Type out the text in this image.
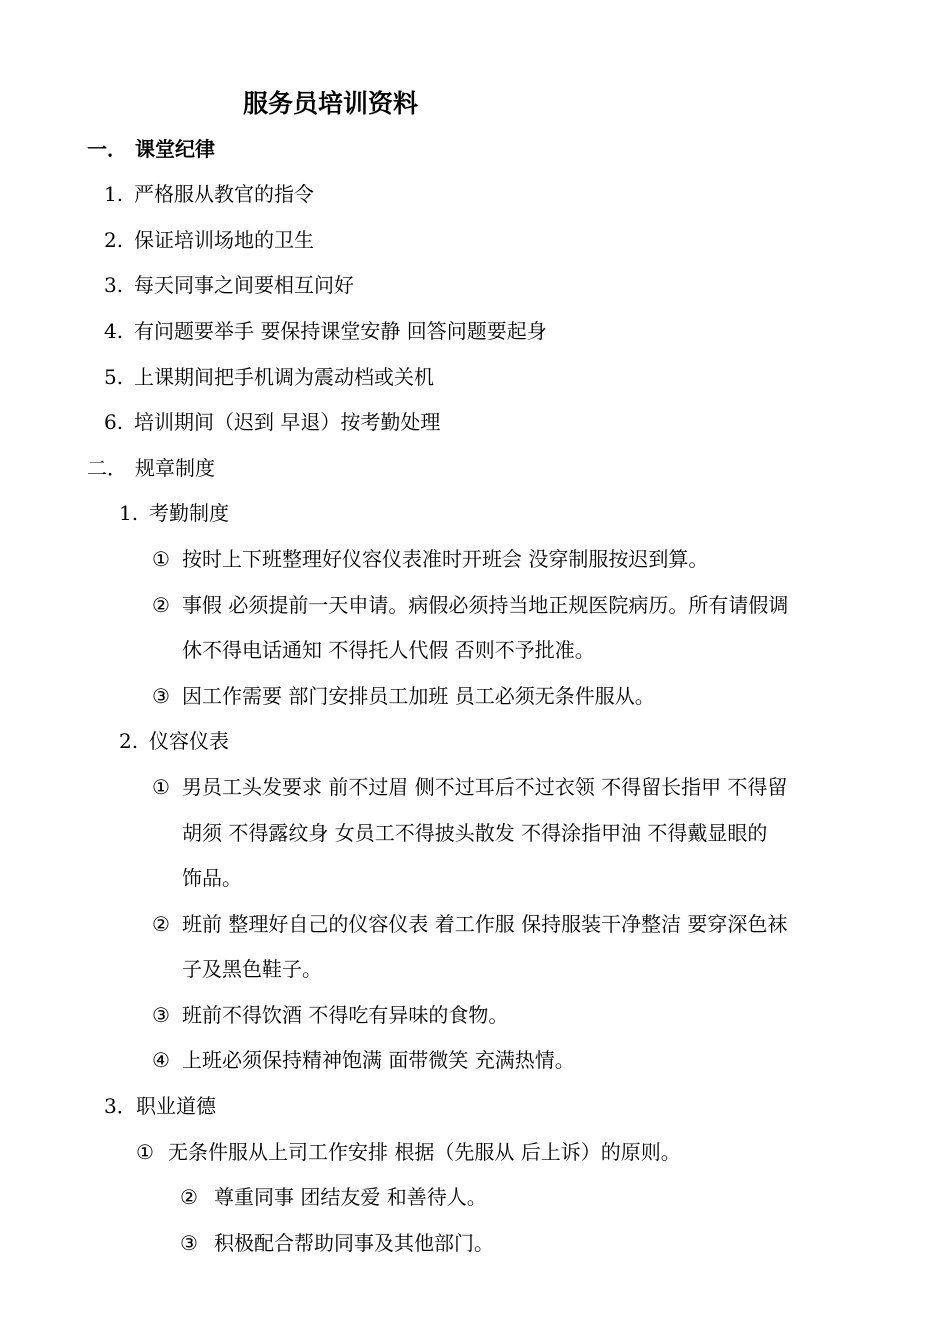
服务员培训资料
一． 课堂纪律
1. 严格服从教官的指令
2. 保证培训场地的卫生
3. 每天同事之间要相互问好
4. 有问题要举手 要保持课堂安静 回答问题要起身
5. 上课期间把手机调为震动档或关机
6. 培训期间（迟到 早退）按考勤处理
二． 规章制度
1. 考勤制度
① 按时上下班整理好仪容仪表准时开班会 没穿制服按迟到算。
② 事假 必须提前一天申请。病假必须持当地正规医院病历。所有请假调
休不得电话通知 不得托人代假 否则不予批准。
③ 因工作需要 部门安排员工加班 员工必须无条件服从。
2. 仪容仪表
① 男员工头发要求 前不过眉 侧不过耳后不过衣领 不得留长指甲 不得留
胡须 不得露纹身 女员工不得披头散发 不得涂指甲油 不得戴显眼的
饰品。
② 班前 整理好自己的仪容仪表 着工作服 保持服装干净整洁 要穿深色袜
子及黑色鞋子。
③ 班前不得饮酒 不得吃有异味的食物。
④ 上班必须保持精神饱满 面带微笑 充满热情。
3．职业道德
① 无条件服从上司工作安排 根据（先服从 后上诉）的原则。
② 尊重同事 团结友爱 和善待人。
③ 积极配合帮助同事及其他部门。
